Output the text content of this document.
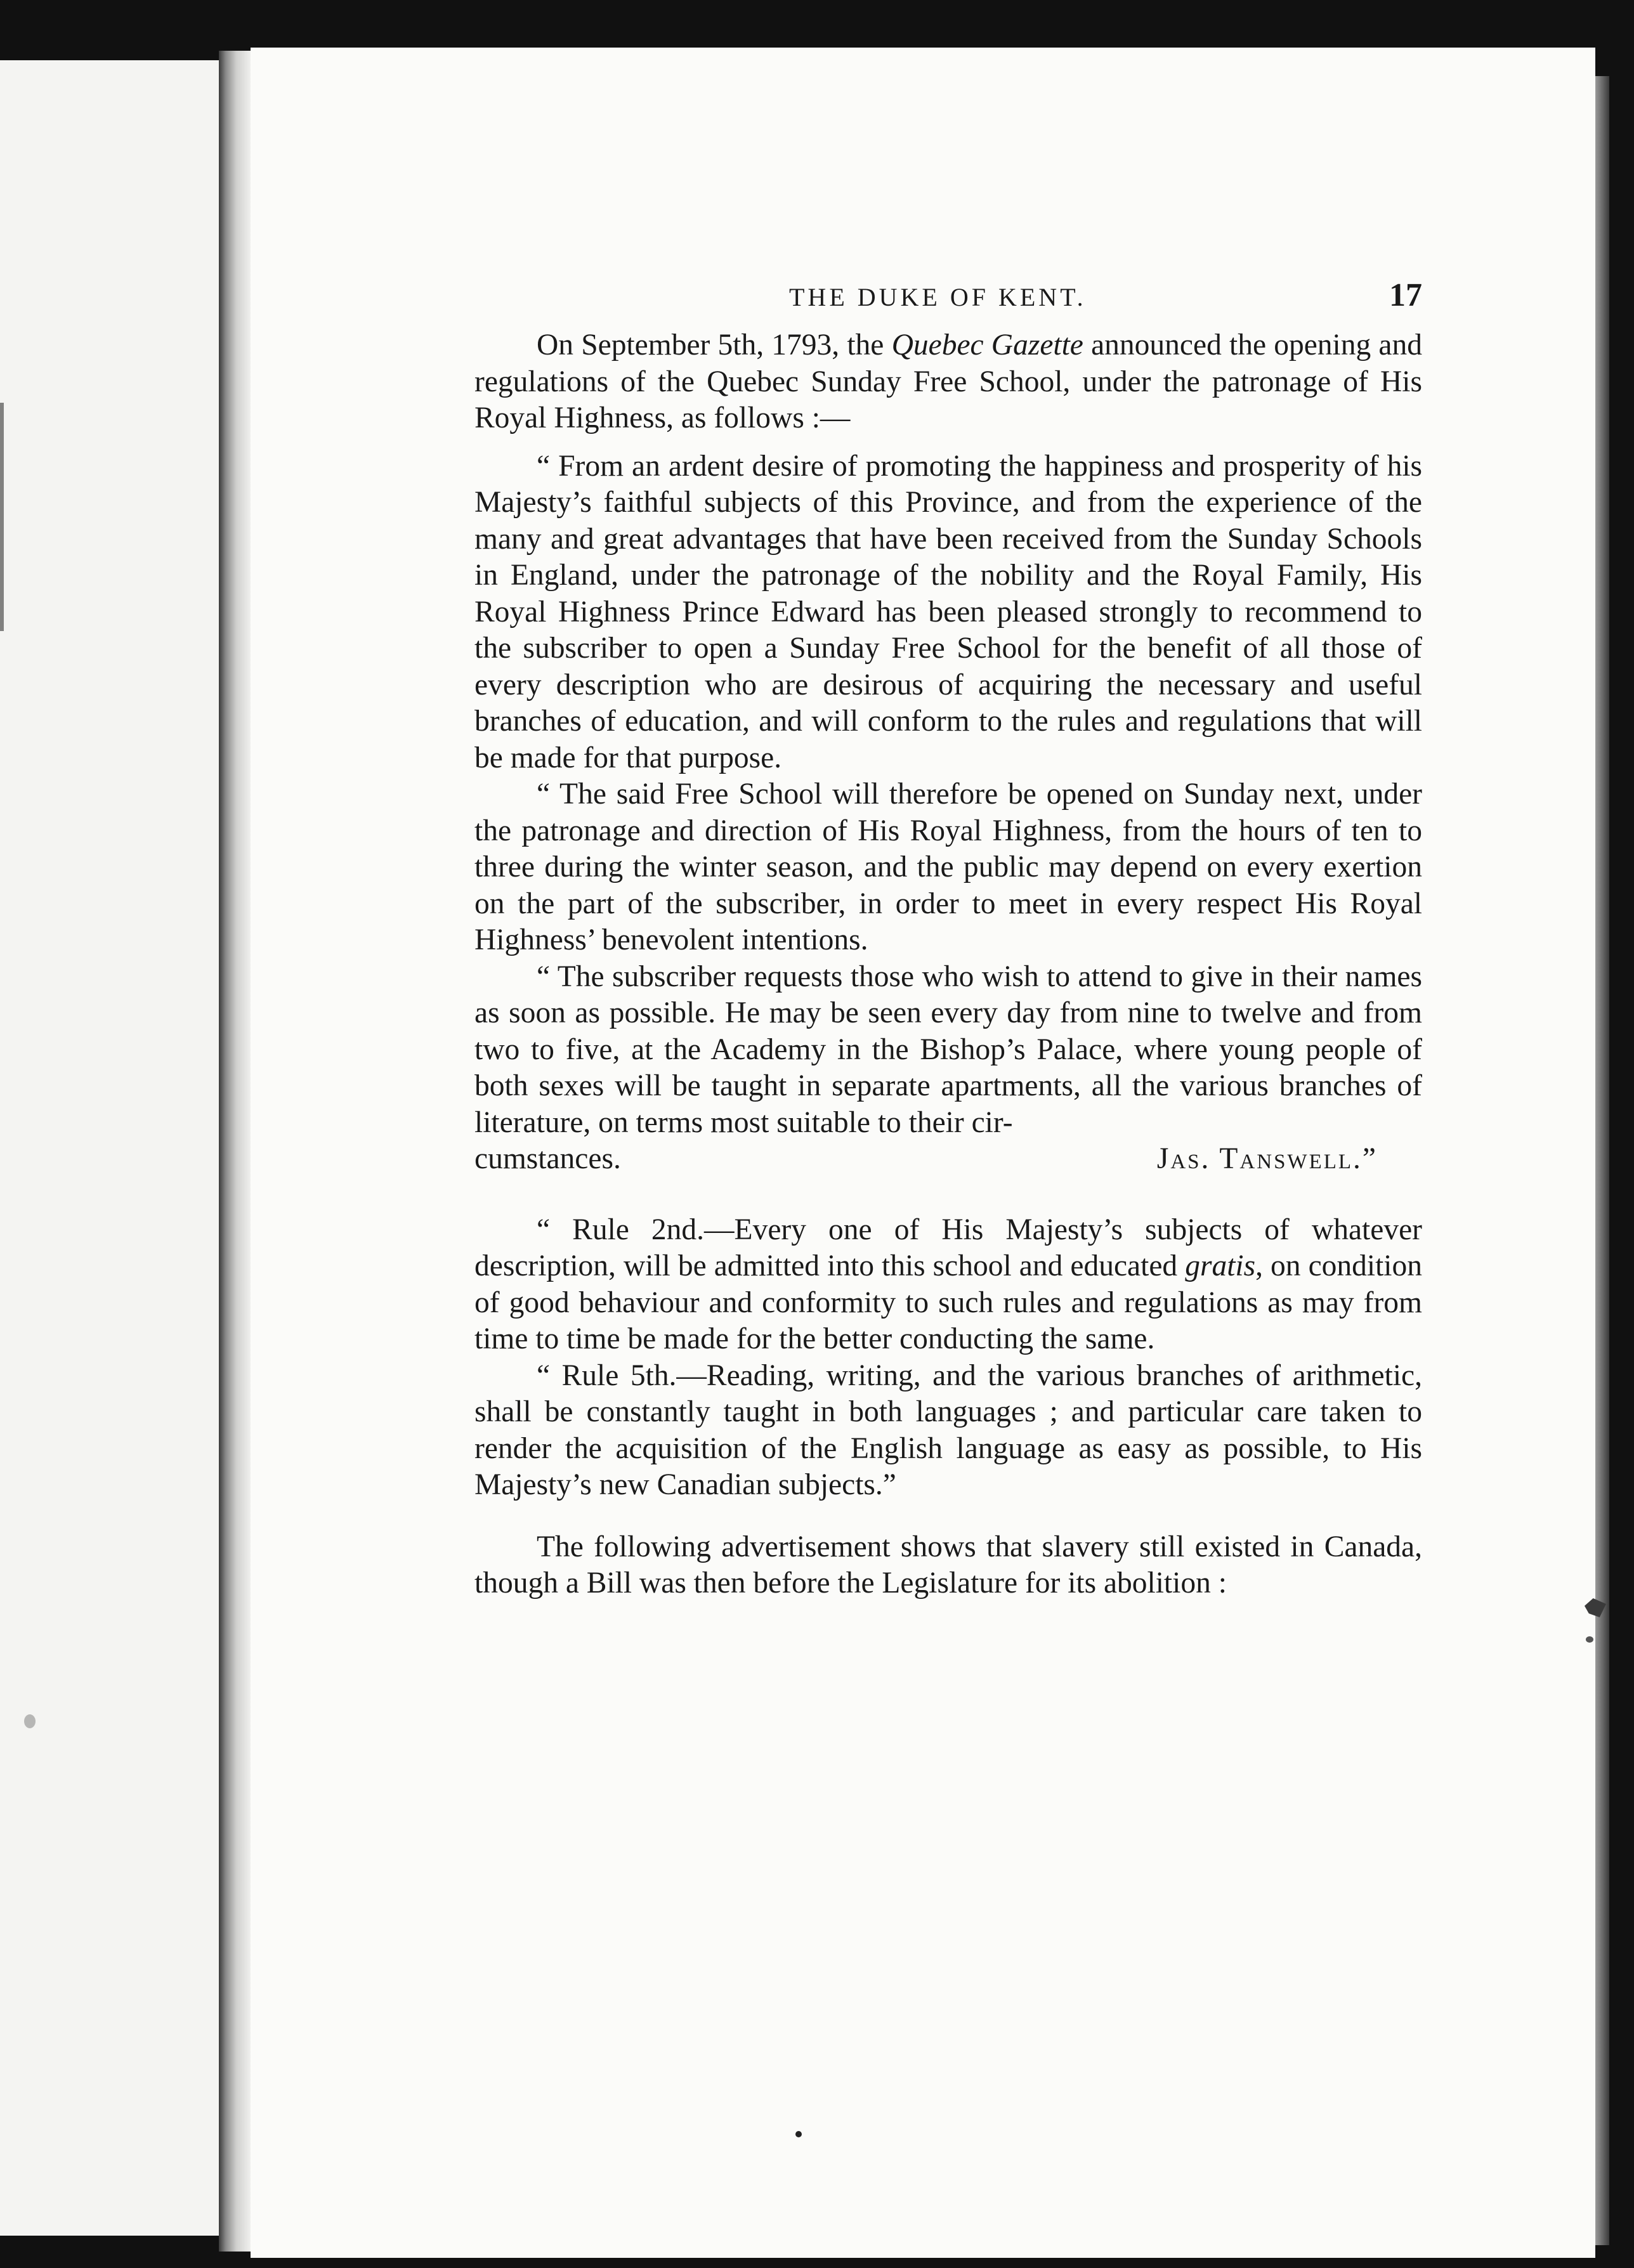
THE DUKE OF KENT.	17

On September 5th, 1793, the Quebec Gazette announced the opening and regulations of the Quebec Sunday Free School, under the patronage of His Royal Highness, as follows :—

“ From an ardent desire of promoting the happiness and prosperity of his Majesty’s faithful subjects of this Province, and from the experience of the many and great advantages that have been received from the Sunday Schools in England, under the patronage of the nobility and the Royal Family, His Royal Highness Prince Edward has been pleased strongly to recommend to the subscriber to open a Sunday Free School for the benefit of all those of every description who are desirous of acquiring the necessary and useful branches of education, and will conform to the rules and regulations that will be made for that purpose.

“ The said Free School will therefore be opened on Sunday next, under the patronage and direction of His Royal Highness, from the hours of ten to three during the winter season, and the public may depend on every exertion on the part of the subscriber, in order to meet in every respect His Royal Highness’ benevolent intentions.

“ The subscriber requests those who wish to attend to give in their names as soon as possible. He may be seen every day from nine to twelve and from two to five, at the Academy in the Bishop’s Palace, where young people of both sexes will be taught in separate apartments, all the various branches of literature, on terms most suitable to their cir-

cumstances.	Jas. Tanswell.”

“ Rule 2nd.—Every one of His Majesty’s subjects of whatever description, will be admitted into this school and educated gratis, on condition of good behaviour and conformity to such rules and regulations as may from time to time be made for the better conducting the same.

“ Rule 5th.—Reading, writing, and the various branches of arithmetic, shall be constantly taught in both languages ; and particular care taken to render the acquisition of the English language as easy as possible, to His Majesty’s new Canadian subjects.”

The following advertisement shows that slavery still existed in Canada, though a Bill was then before the Legislature for its abolition :
